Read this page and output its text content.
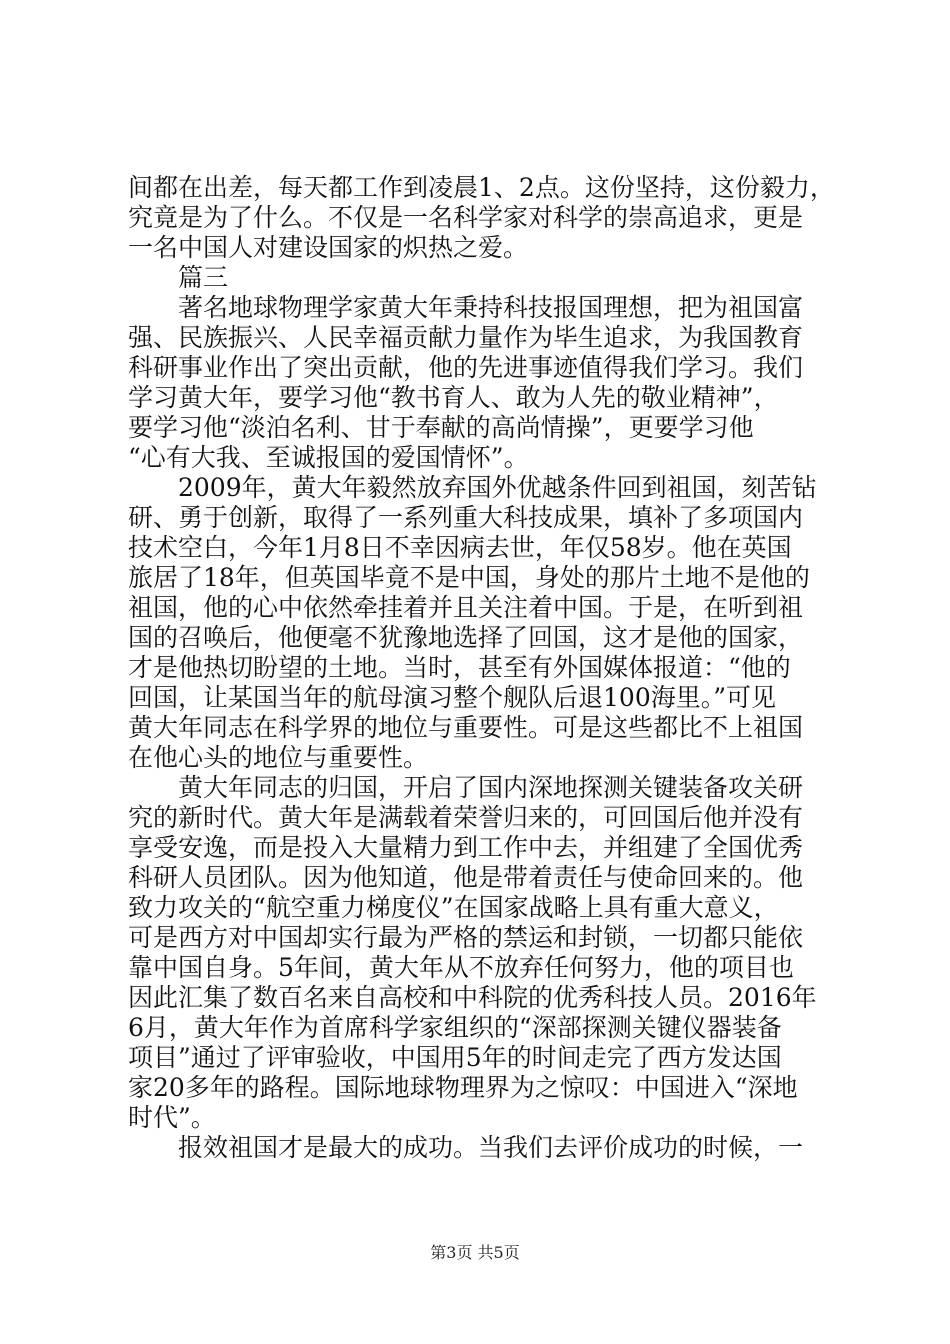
间都在出差，每天都工作到凌晨1、2点。这份坚持，这份毅力，
究竟是为了什么。不仅是一名科学家对科学的崇高追求，更是
一名中国人对建设国家的炽热之爱。
　　篇三
　　著名地球物理学家黄大年秉持科技报国理想，把为祖国富
强、民族振兴、人民幸福贡献力量作为毕生追求，为我国教育
科研事业作出了突出贡献，他的先进事迹值得我们学习。我们
学习黄大年，要学习他“教书育人、敢为人先的敬业精神”，
要学习他“淡泊名利、甘于奉献的高尚情操”，更要学习他
“心有大我、至诚报国的爱国情怀”。
　　2009年，黄大年毅然放弃国外优越条件回到祖国，刻苦钻
研、勇于创新，取得了一系列重大科技成果，填补了多项国内
技术空白，今年1月8日不幸因病去世，年仅58岁。他在英国
旅居了18年，但英国毕竟不是中国，身处的那片土地不是他的
祖国，他的心中依然牵挂着并且关注着中国。于是，在听到祖
国的召唤后，他便毫不犹豫地选择了回国，这才是他的国家，
才是他热切盼望的土地。当时，甚至有外国媒体报道：“他的
回国，让某国当年的航母演习整个舰队后退100海里。”可见
黄大年同志在科学界的地位与重要性。可是这些都比不上祖国
在他心头的地位与重要性。
　　黄大年同志的归国，开启了国内深地探测关键装备攻关研
究的新时代。黄大年是满载着荣誉归来的，可回国后他并没有
享受安逸，而是投入大量精力到工作中去，并组建了全国优秀
科研人员团队。因为他知道，他是带着责任与使命回来的。他
致力攻关的“航空重力梯度仪”在国家战略上具有重大意义，
可是西方对中国却实行最为严格的禁运和封锁，一切都只能依
靠中国自身。5年间，黄大年从不放弃任何努力，他的项目也
因此汇集了数百名来自高校和中科院的优秀科技人员。2016年
6月，黄大年作为首席科学家组织的“深部探测关键仪器装备
项目”通过了评审验收，中国用5年的时间走完了西方发达国
家20多年的路程。国际地球物理界为之惊叹：中国进入“深地
时代”。
　　报效祖国才是最大的成功。当我们去评价成功的时候，一
第3页 共5页
